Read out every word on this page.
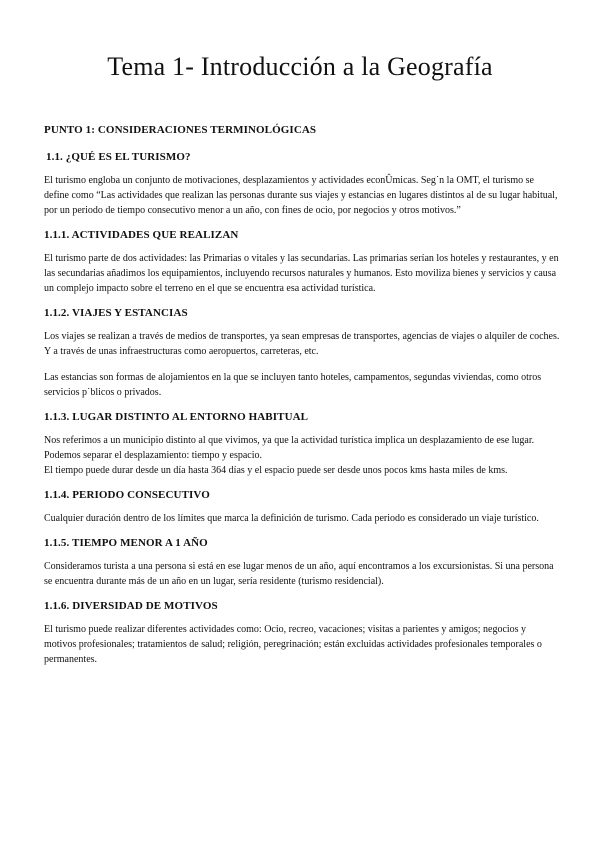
Tema 1- Introducción a la Geografía
PUNTO 1: CONSIDERACIONES TERMINOLÓGICAS
1.1. ¿QUÉ ES EL TURISMO?

El turismo engloba un conjunto de motivaciones, desplazamientos y actividades econÛmicas. Seg˙n la OMT, el turismo se define como “Las actividades que realizan las personas durante sus viajes y estancias en lugares distintos al de su lugar habitual, por un periodo de tiempo consecutivo menor a un año, con fines de ocio, por negocios y otros motivos.”

1.1.1. ACTIVIDADES QUE REALIZAN

El turismo parte de dos actividades: las Primarias o vitales y las secundarias. Las primarias serían los hoteles y restaurantes, y en las secundarias añadimos los equipamientos, incluyendo recursos naturales y humanos. Esto moviliza bienes y servicios y causa un complejo impacto sobre el terreno en el que se encuentra esa actividad turística.

1.1.2. VIAJES Y ESTANCIAS

Los viajes se realizan a través de medios de transportes, ya sean empresas de transportes, agencias de viajes o alquiler de coches. Y a través de unas infraestructuras como aeropuertos, carreteras, etc.

Las estancias son formas de alojamientos en la que se incluyen tanto hoteles, campamentos, segundas viviendas, como otros servicios p˙blicos o privados.

1.1.3. LUGAR DISTINTO AL ENTORNO HABITUAL

Nos referimos a un municipio distinto al que vivimos, ya que la actividad turística implica un desplazamiento de ese lugar. Podemos separar el desplazamiento: tiempo y espacio.

El tiempo puede durar desde un día hasta 364 días y el espacio puede ser desde unos pocos kms hasta miles de kms.

1.1.4. PERIODO CONSECUTIVO

Cualquier duración dentro de los límites que marca la definición de turismo. Cada periodo es considerado un viaje turístico.

1.1.5. TIEMPO MENOR A 1 AÑO

Consideramos turista a una persona si está en ese lugar menos de un año, aquí encontramos a los excursionistas. Si una persona se encuentra durante más de un año en un lugar, sería residente (turismo residencial).

1.1.6. DIVERSIDAD DE MOTIVOS

El turismo puede realizar diferentes actividades como: Ocio, recreo, vacaciones; visitas a parientes y amigos; negocios y motivos profesionales; tratamientos de salud; religión, peregrinación; están excluidas actividades profesionales temporales o permanentes.
